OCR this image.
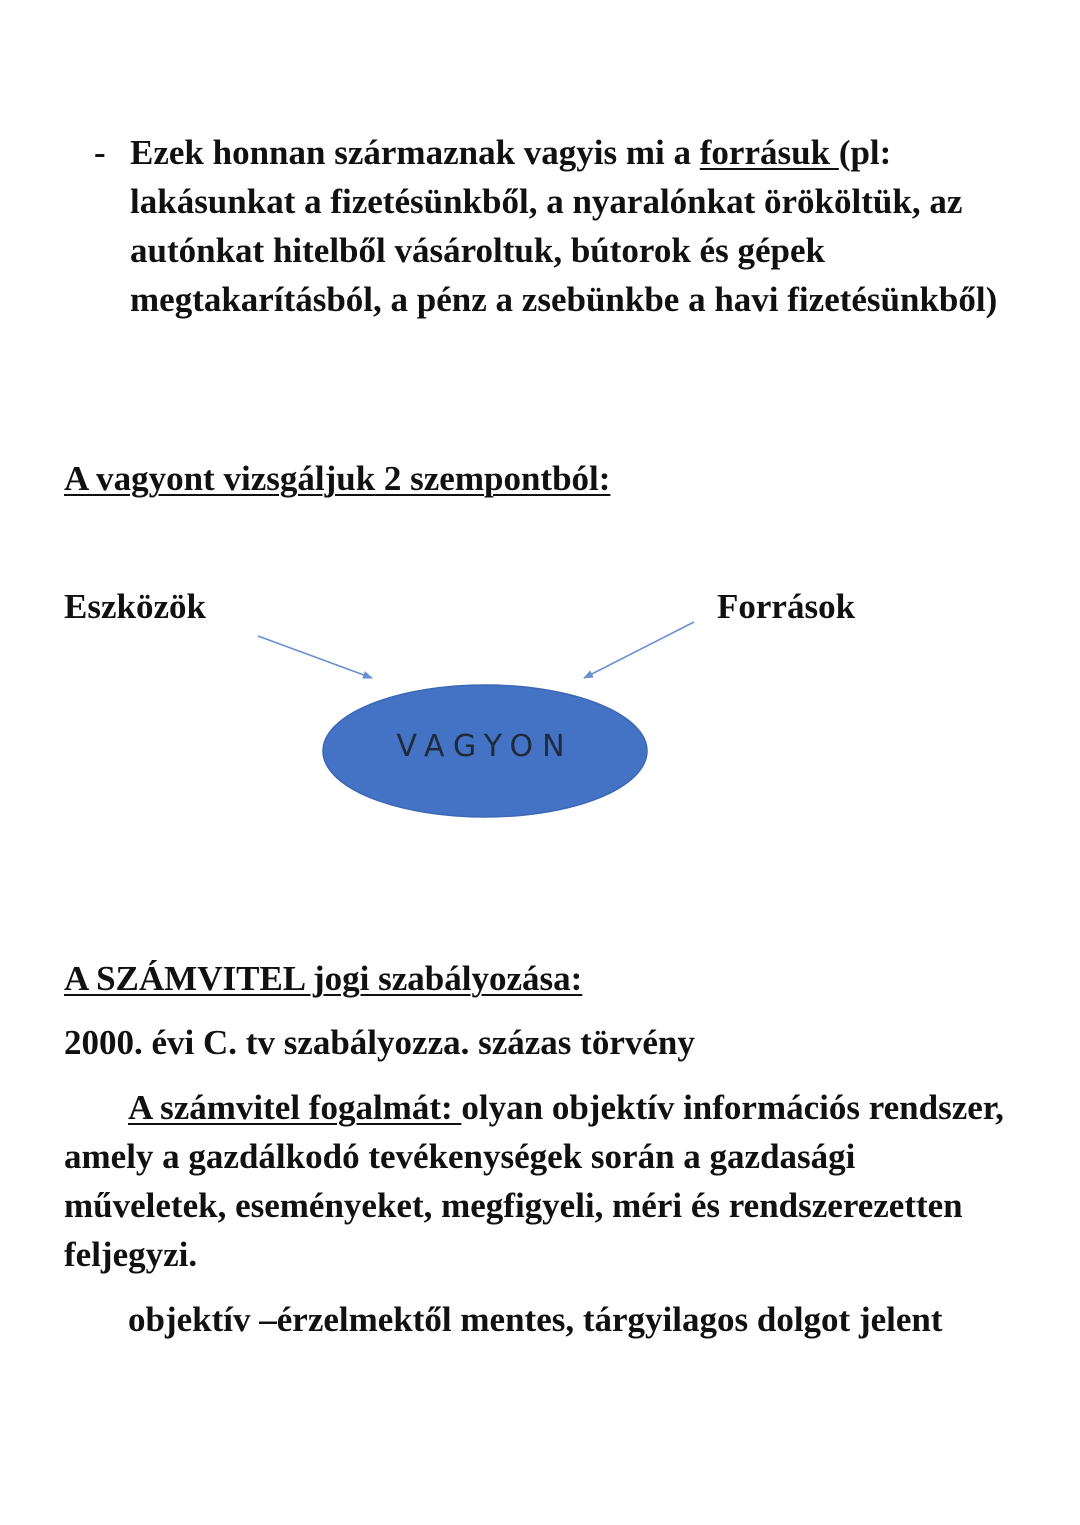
- Ezek honnan származnak vagyis mi a forrásuk (pl: lakásunkat a fizetésünkből, a nyaralónkat örököltük, az autónkat hitelből vásároltuk, bútorok és gépek megtakarításból, a pénz a zsebünkbe a havi fizetésünkből)
A vagyont vizsgáljuk 2 szempontból:
Eszközök	Források
VAGYON
A SZÁMVITEL jogi szabályozása:
2000. évi C. tv szabályozza. százas törvény
A számvitel fogalmát: olyan objektív információs rendszer, amely a gazdálkodó tevékenységek során a gazdasági műveletek, eseményeket, megfigyeli, méri és rendszerezetten feljegyzi.
objektív –érzelmektől mentes, tárgyilagos dolgot jelent
